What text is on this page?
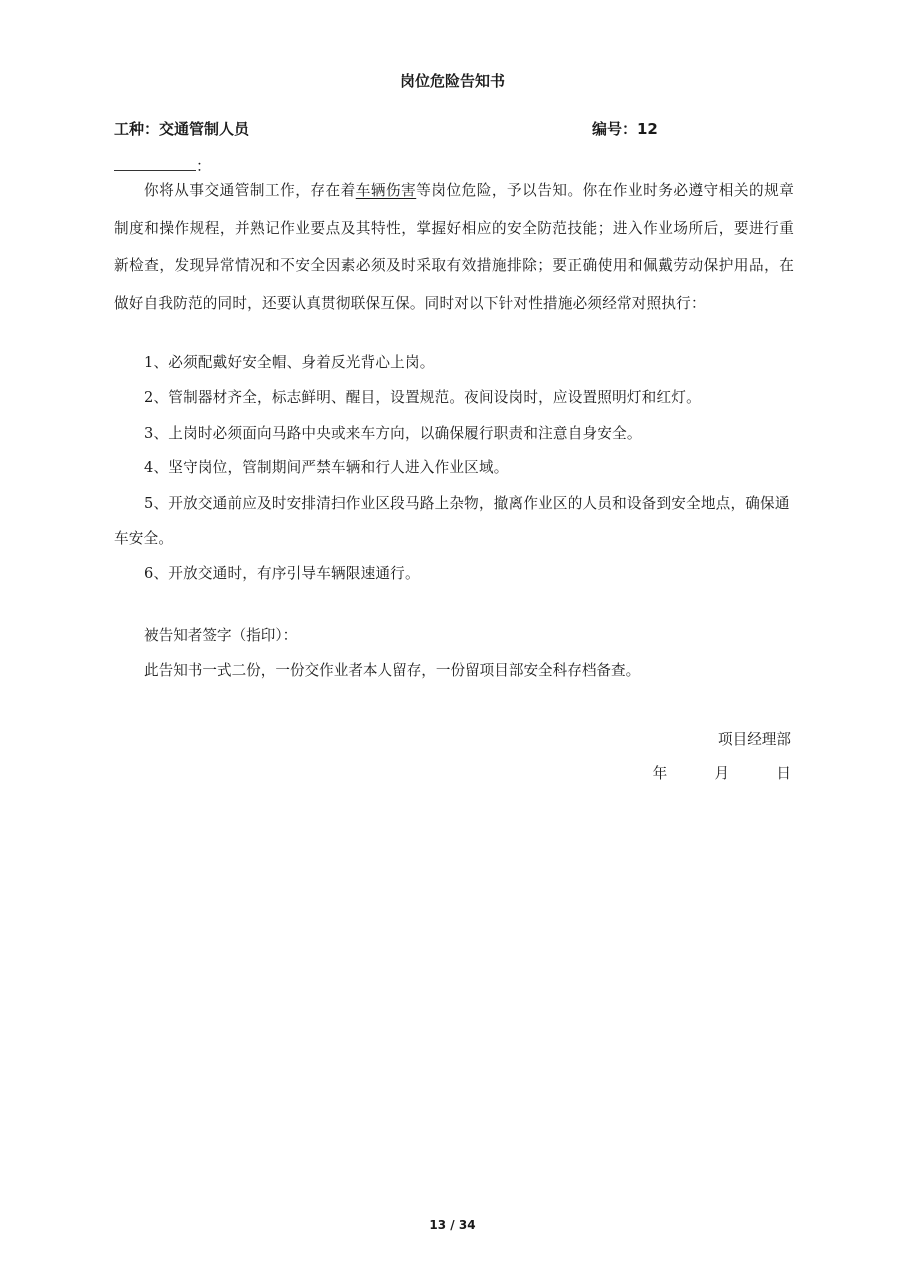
岗位危险告知书
工种：交通管制人员	编号：12
：
你将从事交通管制工作，存在着车辆伤害等岗位危险，予以告知。你在作业时务必遵守相关的规章制度和操作规程，并熟记作业要点及其特性，掌握好相应的安全防范技能；进入作业场所后，要进行重新检查，发现异常情况和不安全因素必须及时采取有效措施排除；要正确使用和佩戴劳动保护用品，在做好自我防范的同时，还要认真贯彻联保互保。同时对以下针对性措施必须经常对照执行：
1、必须配戴好安全帽、身着反光背心上岗。
2、管制器材齐全，标志鲜明、醒目，设置规范。夜间设岗时，应设置照明灯和红灯。
3、上岗时必须面向马路中央或来车方向，以确保履行职责和注意自身安全。
4、坚守岗位，管制期间严禁车辆和行人进入作业区域。
5、开放交通前应及时安排清扫作业区段马路上杂物，撤离作业区的人员和设备到安全地点，确保通车安全。
6、开放交通时，有序引导车辆限速通行。
被告知者签字（指印）：
此告知书一式二份，一份交作业者本人留存，一份留项目部安全科存档备查。
项目经理部
年	月	日
13 / 34
